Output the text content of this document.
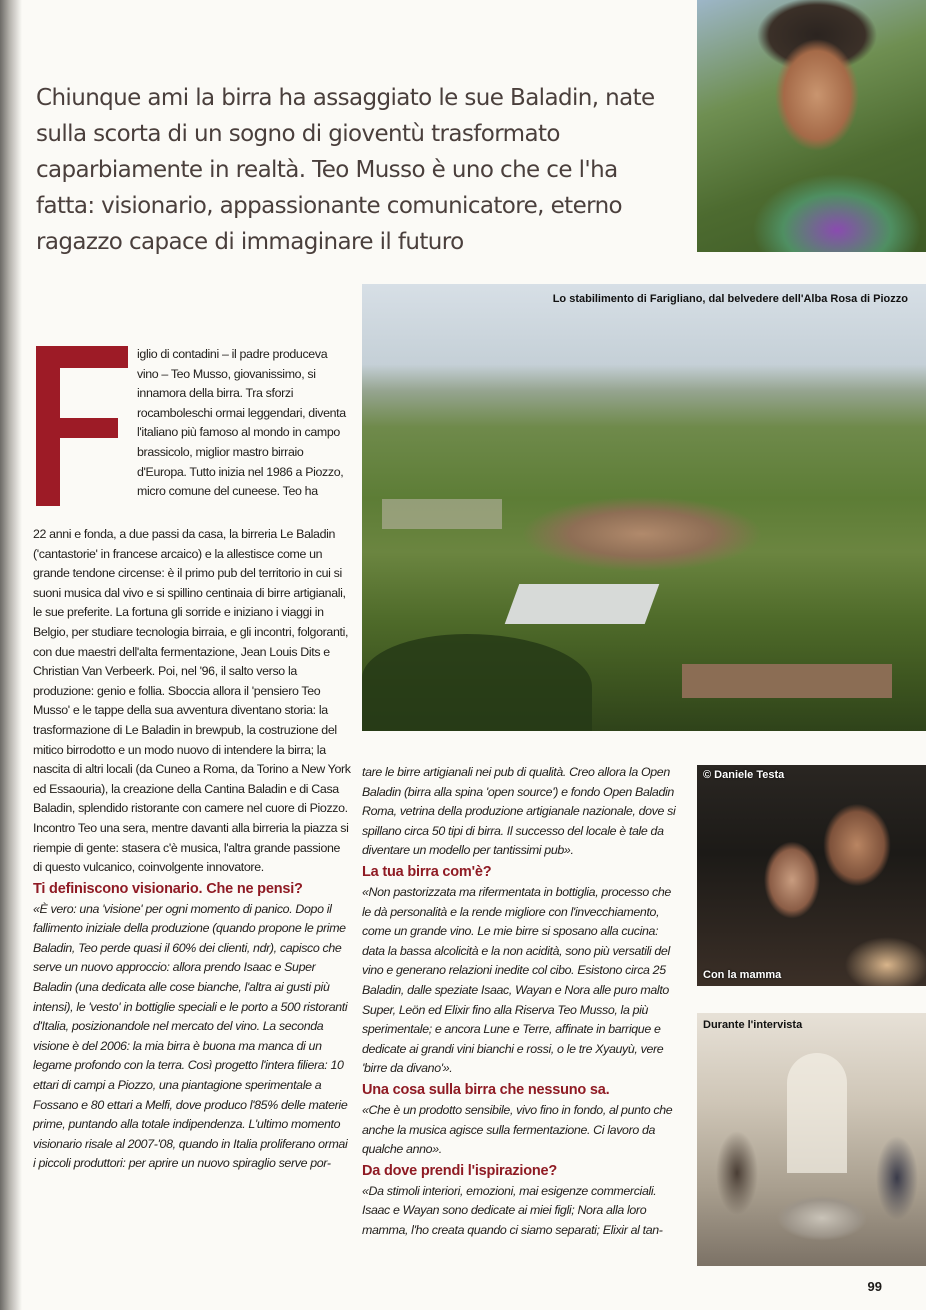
Chiunque ami la birra ha assaggiato le sue Baladin, nate sulla scorta di un sogno di gioventù trasformato caparbiamente in realtà. Teo Musso è uno che ce l'ha fatta: visionario, appassionante comunicatore, eterno ragazzo capace di immaginare il futuro

Lo stabilimento di Farigliano, dal belvedere dell'Alba Rosa di Piozzo

iglio di contadini – il padre produceva vino – Teo Musso, giovanissimo, si innamora della birra. Tra sforzi rocamboleschi ormai leggendari, diventa l'italiano più famoso al mondo in campo brassicolo, miglior mastro birraio d'Europa. Tutto inizia nel 1986 a Piozzo, micro comune del cuneese. Teo ha

22 anni e fonda, a due passi da casa, la birreria Le Baladin ('cantastorie' in francese arcaico) e la allestisce come un grande tendone circense: è il primo pub del territorio in cui si suoni musica dal vivo e si spillino centinaia di birre artigianali, le sue preferite. La fortuna gli sorride e iniziano i viaggi in Belgio, per studiare tecnologia birraia, e gli incontri, folgoranti, con due maestri dell'alta fermentazione, Jean Louis Dits e Christian Van Verbeerk. Poi, nel '96, il salto verso la produzione: genio e follia. Sboccia allora il 'pensiero Teo Musso' e le tappe della sua avventura diventano storia: la trasformazione di Le Baladin in brewpub, la costruzione del mitico birrodotto e un modo nuovo di intendere la birra; la nascita di altri locali (da Cuneo a Roma, da Torino a New York ed Essaouria), la creazione della Cantina Baladin e di Casa Baladin, splendido ristorante con camere nel cuore di Piozzo.

Incontro Teo una sera, mentre davanti alla birreria la piazza si riempie di gente: stasera c'è musica, l'altra grande passione di questo vulcanico, coinvolgente innovatore.

Ti definiscono visionario. Che ne pensi?

«È vero: una 'visione' per ogni momento di panico. Dopo il fallimento iniziale della produzione (quando propone le prime Baladin, Teo perde quasi il 60% dei clienti, ndr), capisco che serve un nuovo approccio: allora prendo Isaac e Super Baladin (una dedicata alle cose bianche, l'altra ai gusti più intensi), le 'vesto' in bottiglie speciali e le porto a 500 ristoranti d'Italia, posizionandole nel mercato del vino. La seconda visione è del 2006: la mia birra è buona ma manca di un legame profondo con la terra. Così progetto l'intera filiera: 10 ettari di campi a Piozzo, una piantagione sperimentale a Fossano e 80 ettari a Melfi, dove produco l'85% delle materie prime, puntando alla totale indipendenza. L'ultimo momento visionario risale al 2007-'08, quando in Italia proliferano ormai i piccoli produttori: per aprire un nuovo spiraglio serve por-

tare le birre artigianali nei pub di qualità. Creo allora la Open Baladin (birra alla spina 'open source') e fondo Open Baladin Roma, vetrina della produzione artigianale nazionale, dove si spillano circa 50 tipi di birra. Il successo del locale è tale da diventare un modello per tantissimi pub».

La tua birra com'è?

«Non pastorizzata ma rifermentata in bottiglia, processo che le dà personalità e la rende migliore con l'invecchiamento, come un grande vino. Le mie birre si sposano alla cucina: data la bassa alcolicità e la non acidità, sono più versatili del vino e generano relazioni inedite col cibo. Esistono circa 25 Baladin, dalle speziate Isaac, Wayan e Nora alle puro malto Super, Leön ed Elixir fino alla Riserva Teo Musso, la più sperimentale; e ancora Lune e Terre, affinate in barrique e dedicate ai grandi vini bianchi e rossi, o le tre Xyauyù, vere 'birre da divano'».

Una cosa sulla birra che nessuno sa.

«Che è un prodotto sensibile, vivo fino in fondo, al punto che anche la musica agisce sulla fermentazione. Ci lavoro da qualche anno».

Da dove prendi l'ispirazione?

«Da stimoli interiori, emozioni, mai esigenze commerciali. Isaac e Wayan sono dedicate ai miei figli; Nora alla loro mamma, l'ho creata quando ci siamo separati; Elixir al tan-

© Daniele Testa
Con la mamma
Durante l'intervista
99
